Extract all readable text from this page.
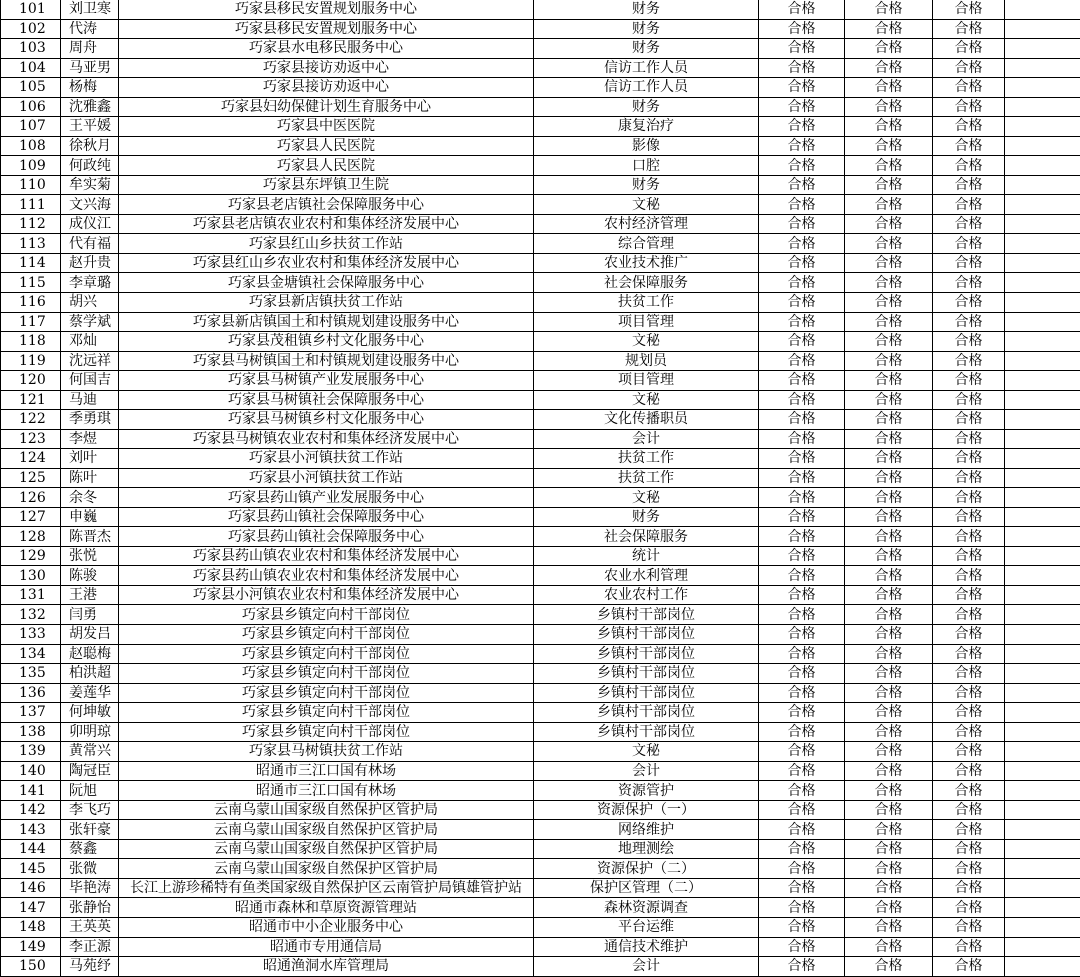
101	刘卫寒	巧家县移民安置规划服务中心	财务	合格	合格	合格	
102	代涛	巧家县移民安置规划服务中心	财务	合格	合格	合格	
103	周舟	巧家县水电移民服务中心	财务	合格	合格	合格	
104	马亚男	巧家县接访劝返中心	信访工作人员	合格	合格	合格	
105	杨梅	巧家县接访劝返中心	信访工作人员	合格	合格	合格	
106	沈雅鑫	巧家县妇幼保健计划生育服务中心	财务	合格	合格	合格	
107	王平媛	巧家县中医医院	康复治疗	合格	合格	合格	
108	徐秋月	巧家县人民医院	影像	合格	合格	合格	
109	何政纯	巧家县人民医院	口腔	合格	合格	合格	
110	牟实菊	巧家县东坪镇卫生院	财务	合格	合格	合格	
111	文兴海	巧家县老店镇社会保障服务中心	文秘	合格	合格	合格	
112	成仪江	巧家县老店镇农业农村和集体经济发展中心	农村经济管理	合格	合格	合格	
113	代有福	巧家县红山乡扶贫工作站	综合管理	合格	合格	合格	
114	赵升贵	巧家县红山乡农业农村和集体经济发展中心	农业技术推广	合格	合格	合格	
115	李章璐	巧家县金塘镇社会保障服务中心	社会保障服务	合格	合格	合格	
116	胡兴	巧家县新店镇扶贫工作站	扶贫工作	合格	合格	合格	
117	蔡学斌	巧家县新店镇国土和村镇规划建设服务中心	项目管理	合格	合格	合格	
118	邓灿	巧家县茂租镇乡村文化服务中心	文秘	合格	合格	合格	
119	沈远祥	巧家县马树镇国土和村镇规划建设服务中心	规划员	合格	合格	合格	
120	何国吉	巧家县马树镇产业发展服务中心	项目管理	合格	合格	合格	
121	马迪	巧家县马树镇社会保障服务中心	文秘	合格	合格	合格	
122	季勇琪	巧家县马树镇乡村文化服务中心	文化传播职员	合格	合格	合格	
123	李煜	巧家县马树镇农业农村和集体经济发展中心	会计	合格	合格	合格	
124	刘叶	巧家县小河镇扶贫工作站	扶贫工作	合格	合格	合格	
125	陈叶	巧家县小河镇扶贫工作站	扶贫工作	合格	合格	合格	
126	余冬	巧家县药山镇产业发展服务中心	文秘	合格	合格	合格	
127	申巍	巧家县药山镇社会保障服务中心	财务	合格	合格	合格	
128	陈晋杰	巧家县药山镇社会保障服务中心	社会保障服务	合格	合格	合格	
129	张悦	巧家县药山镇农业农村和集体经济发展中心	统计	合格	合格	合格	
130	陈骏	巧家县药山镇农业农村和集体经济发展中心	农业水利管理	合格	合格	合格	
131	王港	巧家县小河镇农业农村和集体经济发展中心	农业农村工作	合格	合格	合格	
132	闫勇	巧家县乡镇定向村干部岗位	乡镇村干部岗位	合格	合格	合格	
133	胡发吕	巧家县乡镇定向村干部岗位	乡镇村干部岗位	合格	合格	合格	
134	赵聪梅	巧家县乡镇定向村干部岗位	乡镇村干部岗位	合格	合格	合格	
135	柏洪超	巧家县乡镇定向村干部岗位	乡镇村干部岗位	合格	合格	合格	
136	姜莲华	巧家县乡镇定向村干部岗位	乡镇村干部岗位	合格	合格	合格	
137	何坤敏	巧家县乡镇定向村干部岗位	乡镇村干部岗位	合格	合格	合格	
138	卯明琼	巧家县乡镇定向村干部岗位	乡镇村干部岗位	合格	合格	合格	
139	黄常兴	巧家县马树镇扶贫工作站	文秘	合格	合格	合格	
140	陶冠臣	昭通市三江口国有林场	会计	合格	合格	合格	
141	阮旭	昭通市三江口国有林场	资源管护	合格	合格	合格	
142	李飞巧	云南乌蒙山国家级自然保护区管护局	资源保护（一）	合格	合格	合格	
143	张轩豪	云南乌蒙山国家级自然保护区管护局	网络维护	合格	合格	合格	
144	蔡鑫	云南乌蒙山国家级自然保护区管护局	地理测绘	合格	合格	合格	
145	张微	云南乌蒙山国家级自然保护区管护局	资源保护（二）	合格	合格	合格	
146	毕艳涛	长江上游珍稀特有鱼类国家级自然保护区云南管护局镇雄管护站	保护区管理（二）	合格	合格	合格	
147	张静怡	昭通市森林和草原资源管理站	森林资源调查	合格	合格	合格	
148	王英英	昭通市中小企业服务中心	平台运维	合格	合格	合格	
149	李正源	昭通市专用通信局	通信技术维护	合格	合格	合格	
150	马苑纾	昭通渔洞水库管理局	会计	合格	合格	合格	
